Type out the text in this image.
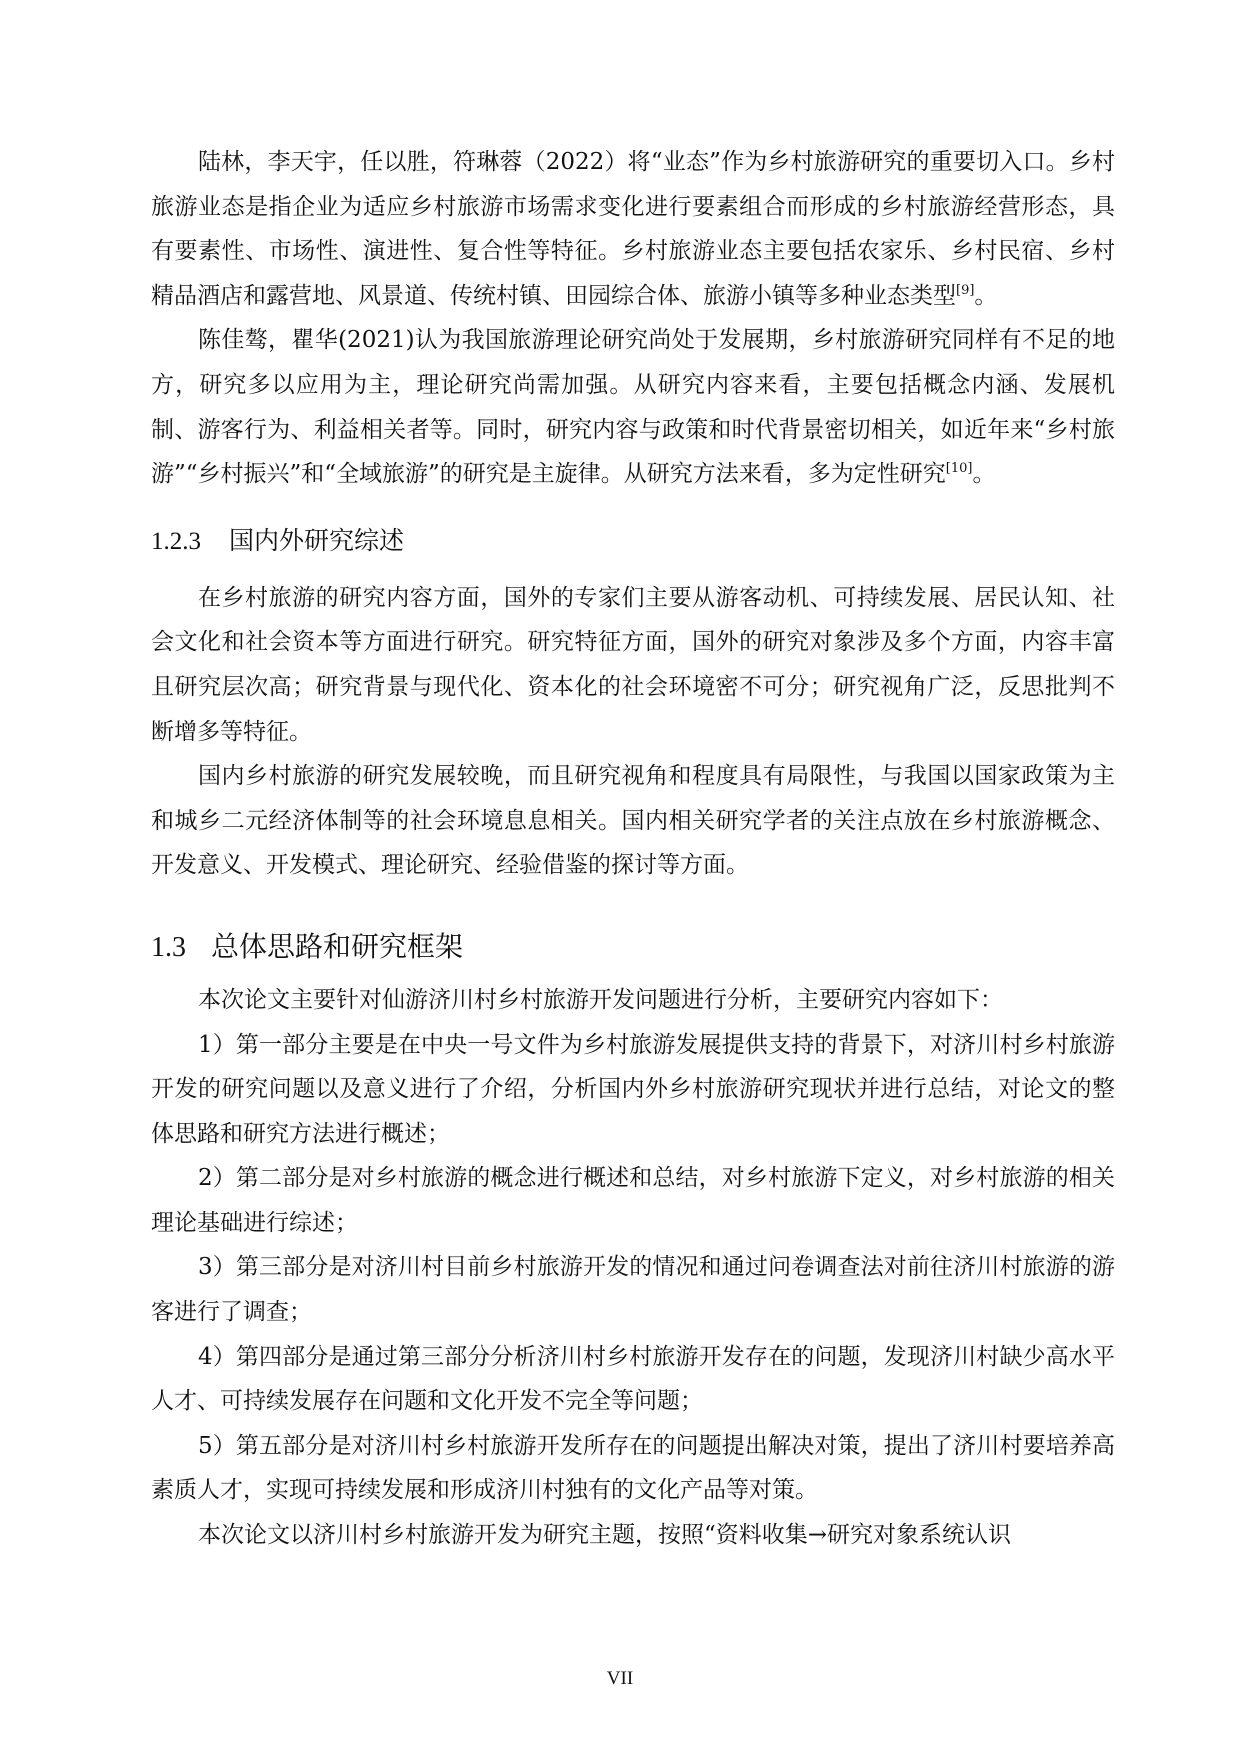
陆林，李天宇，任以胜，符琳蓉（2022）将“业态”作为乡村旅游研究的重要切入口。乡村旅游业态是指企业为适应乡村旅游市场需求变化进行要素组合而形成的乡村旅游经营形态，具有要素性、市场性、演进性、复合性等特征。乡村旅游业态主要包括农家乐、乡村民宿、乡村精品酒店和露营地、风景道、传统村镇、田园综合体、旅游小镇等多种业态类型[9]。

陈佳骜，瞿华(2021)认为我国旅游理论研究尚处于发展期，乡村旅游研究同样有不足的地方，研究多以应用为主，理论研究尚需加强。从研究内容来看，主要包括概念内涵、发展机制、游客行为、利益相关者等。同时，研究内容与政策和时代背景密切相关，如近年来“乡村旅游”“乡村振兴”和“全域旅游”的研究是主旋律。从研究方法来看，多为定性研究[10]。

1.2.3 国内外研究综述

在乡村旅游的研究内容方面，国外的专家们主要从游客动机、可持续发展、居民认知、社会文化和社会资本等方面进行研究。研究特征方面，国外的研究对象涉及多个方面，内容丰富且研究层次高；研究背景与现代化、资本化的社会环境密不可分；研究视角广泛，反思批判不断增多等特征。

国内乡村旅游的研究发展较晚，而且研究视角和程度具有局限性，与我国以国家政策为主和城乡二元经济体制等的社会环境息息相关。国内相关研究学者的关注点放在乡村旅游概念、开发意义、开发模式、理论研究、经验借鉴的探讨等方面。

1.3 总体思路和研究框架

本次论文主要针对仙游济川村乡村旅游开发问题进行分析，主要研究内容如下：

1）第一部分主要是在中央一号文件为乡村旅游发展提供支持的背景下，对济川村乡村旅游开发的研究问题以及意义进行了介绍，分析国内外乡村旅游研究现状并进行总结，对论文的整体思路和研究方法进行概述；

2）第二部分是对乡村旅游的概念进行概述和总结，对乡村旅游下定义，对乡村旅游的相关理论基础进行综述；

3）第三部分是对济川村目前乡村旅游开发的情况和通过问卷调查法对前往济川村旅游的游客进行了调查；

4）第四部分是通过第三部分分析济川村乡村旅游开发存在的问题，发现济川村缺少高水平人才、可持续发展存在问题和文化开发不完全等问题；

5）第五部分是对济川村乡村旅游开发所存在的问题提出解决对策，提出了济川村要培养高素质人才，实现可持续发展和形成济川村独有的文化产品等对策。

本次论文以济川村乡村旅游开发为研究主题，按照“资料收集→研究对象系统认识

VII
